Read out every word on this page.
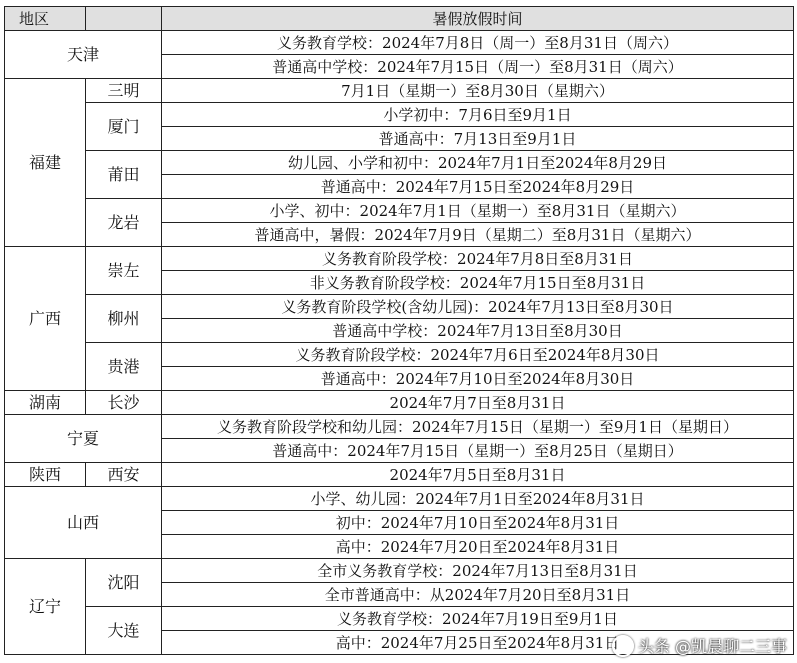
地区		暑假放假时间
天津		义务教育学校：2024年7月8日（周一）至8月31日（周六）
		普通高中学校：2024年7月15日（周一）至8月31日（周六）
福建	三明	7月1日（星期一）至8月30日（星期六）
	厦门	小学初中：7月6日至9月1日
		普通高中：7月13日至9月1日
	莆田	幼儿园、小学和初中：2024年7月1日至2024年8月29日
		普通高中：2024年7月15日至2024年8月29日
	龙岩	小学、初中：2024年7月1日（星期一）至8月31日（星期六）
		普通高中，暑假：2024年7月9日（星期二）至8月31日（星期六）
广西	崇左	义务教育阶段学校：2024年7月8日至8月31日
		非义务教育阶段学校：2024年7月15日至8月31日
	柳州	义务教育阶段学校(含幼儿园)：2024年7月13日至8月30日
		普通高中学校：2024年7月13日至8月30日
	贵港	义务教育阶段学校：2024年7月6日至2024年8月30日
		普通高中：2024年7月10日至2024年8月30日
湖南	长沙	2024年7月7日至8月31日
宁夏		义务教育阶段学校和幼儿园：2024年7月15日（星期一）至9月1日（星期日）
		普通高中：2024年7月15日（星期一）至8月25日（星期日）
陕西	西安	2024年7月5日至8月31日
山西		小学、幼儿园：2024年7月1日至2024年8月31日
		初中：2024年7月10日至2024年8月31日
		高中：2024年7月20日至2024年8月31日
辽宁	沈阳	全市义务教育学校：2024年7月13日至8月31日
		全市普通高中：从2024年7月20日至8月31日
	大连	义务教育学校：2024年7月19日至9月1日
		高中：2024年7月25日至2024年8月31日 头条 @凯晨聊二三事
